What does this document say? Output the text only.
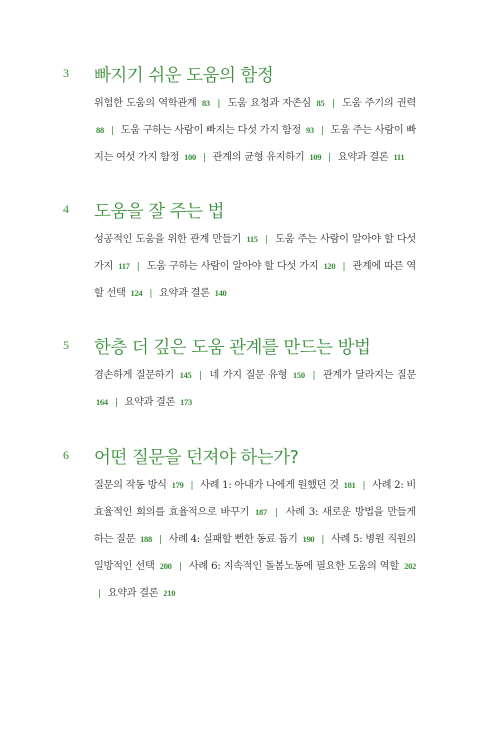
3 빠지기 쉬운 도움의 함정
위험한 도움의 역학관계 83 | 도움 요청과 자존심 85 | 도움 주기의 권력 88 | 도움 구하는 사람이 빠지는 다섯 가지 함정 93 | 도움 주는 사람이 빠지는 여섯 가지 함정 100 | 관계의 균형 유지하기 109 | 요약과 결론 111
4 도움을 잘 주는 법
성공적인 도움을 위한 관계 만들기 115 | 도움 주는 사람이 알아야 할 다섯 가지 117 | 도움 구하는 사람이 알아야 할 다섯 가지 120 | 관계에 따른 역할 선택 124 | 요약과 결론 140
5 한층 더 깊은 도움 관계를 만드는 방법
겸손하게 질문하기 145 | 네 가지 질문 유형 150 | 관계가 달라지는 질문 164 | 요약과 결론 173
6 어떤 질문을 던져야 하는가?
질문의 작동 방식 179 | 사례 1: 아내가 나에게 원했던 것 181 | 사례 2: 비효율적인 회의를 효율적으로 바꾸기 187 | 사례 3: 새로운 방법을 만들게 하는 질문 188 | 사례 4: 실패할 뻔한 동료 돕기 190 | 사례 5: 병원 직원의 일방적인 선택 200 | 사례 6: 지속적인 돌봄노동에 필요한 도움의 역할 202 | 요약과 결론 210
